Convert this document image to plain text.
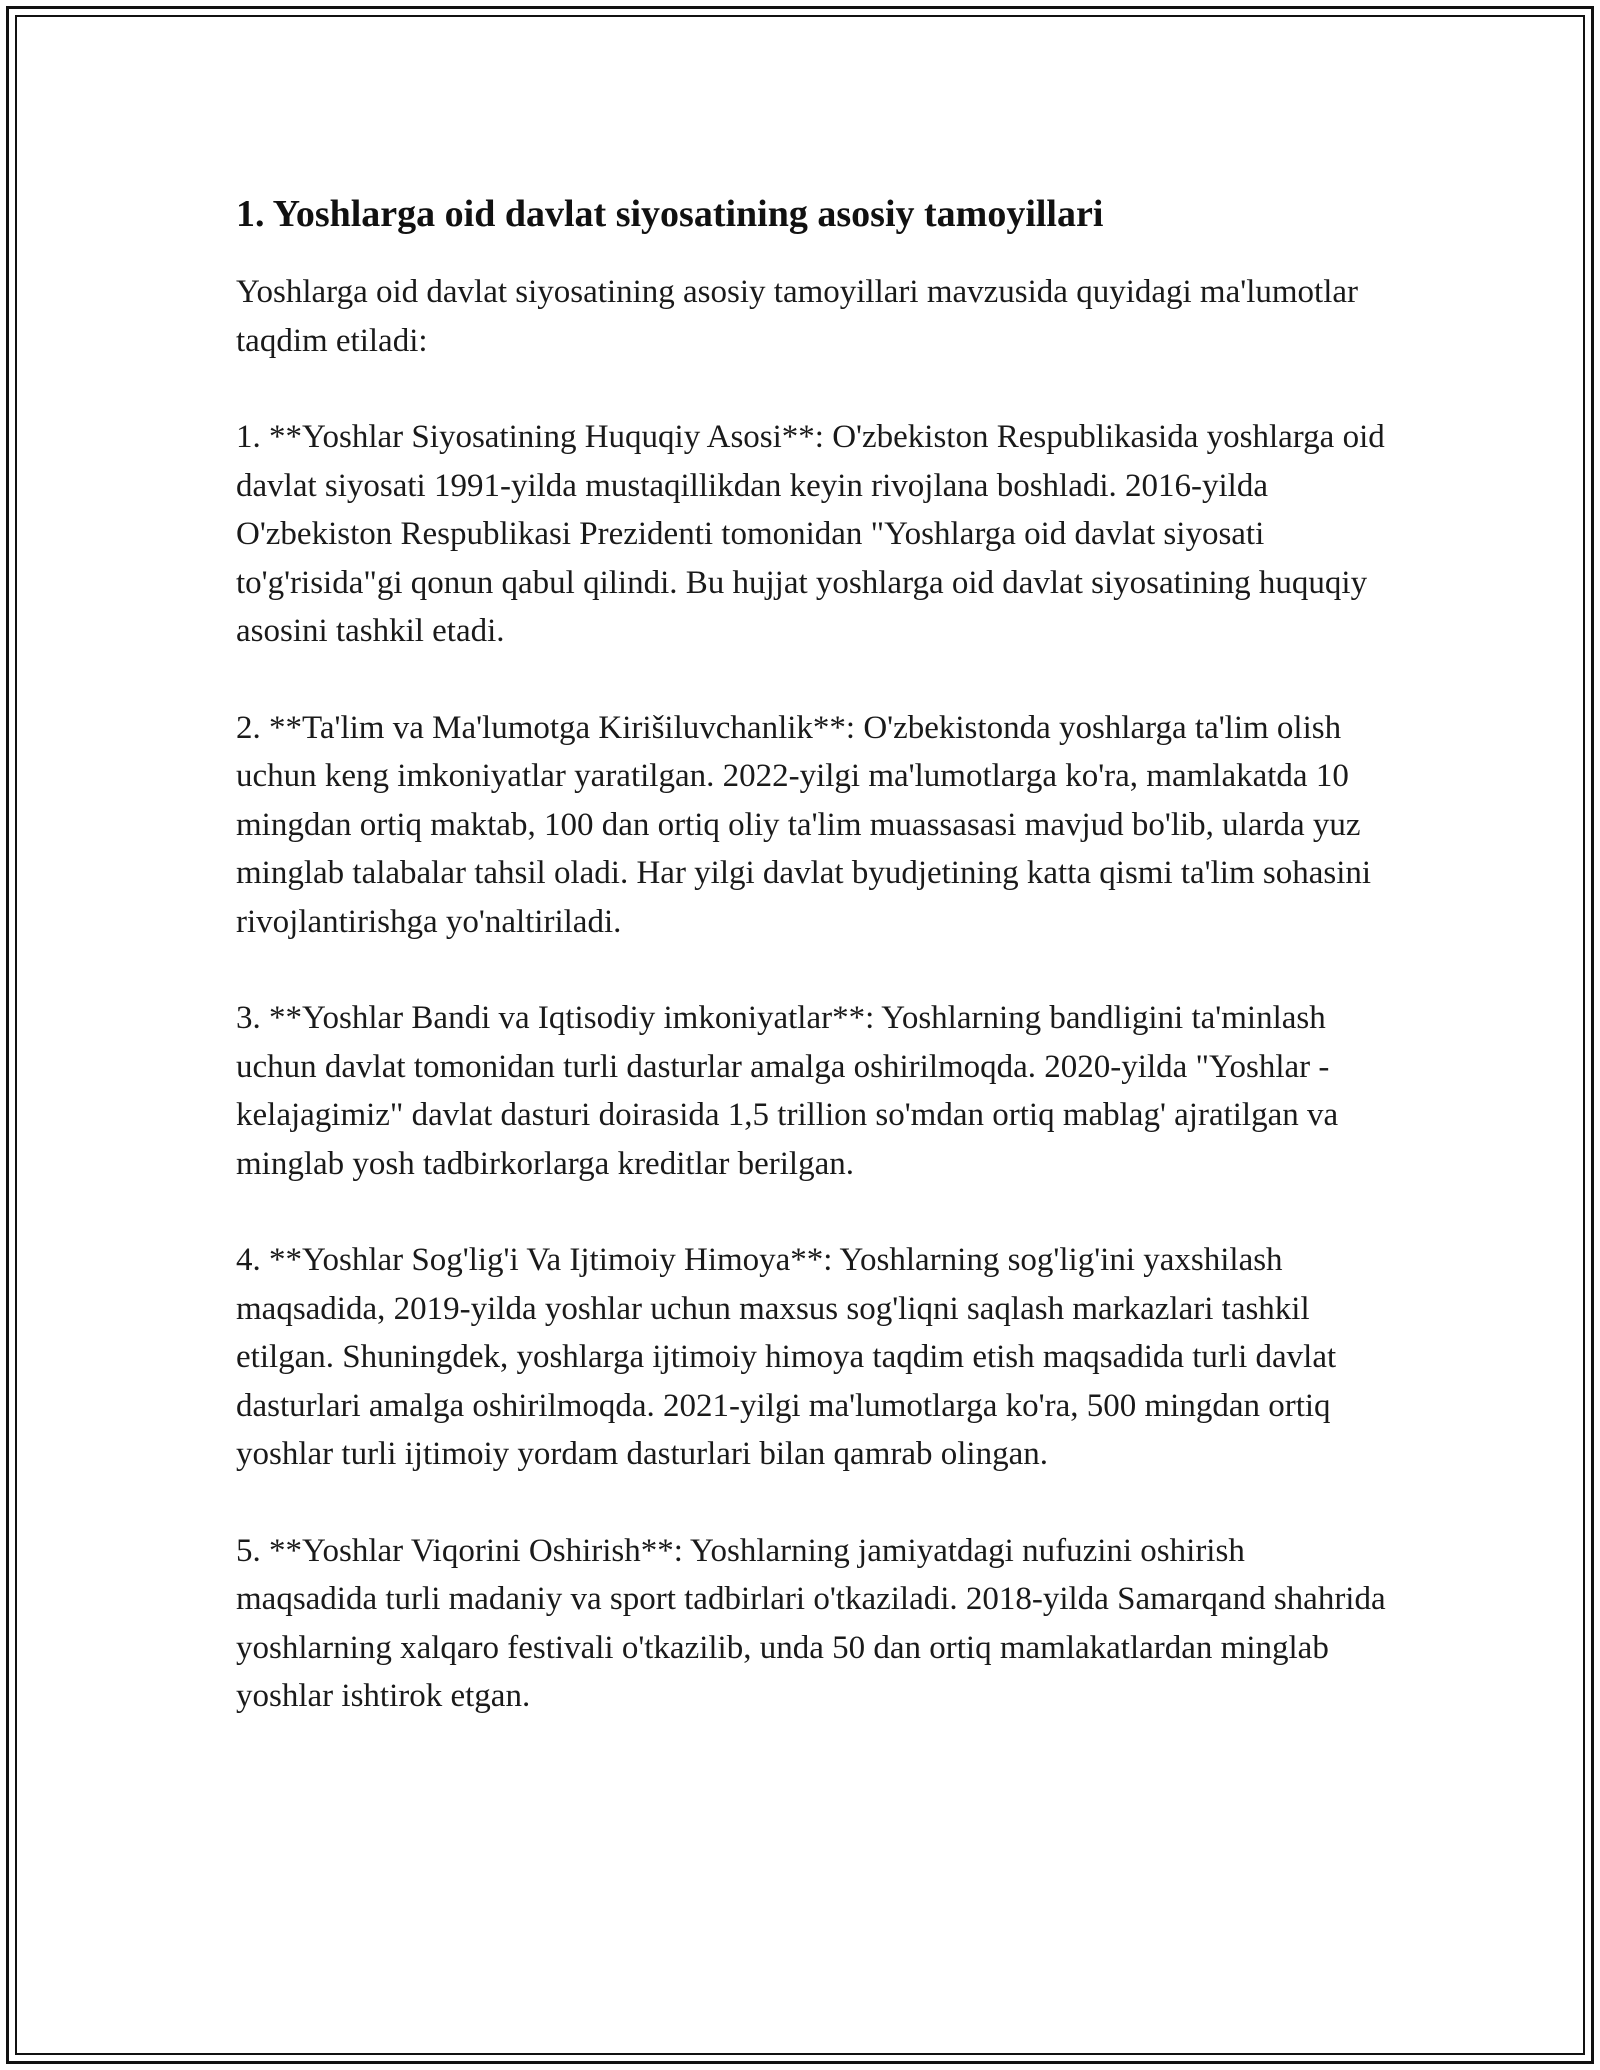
1. Yoshlarga oid davlat siyosatining asosiy tamoyillari

Yoshlarga oid davlat siyosatining asosiy tamoyillari mavzusida quyidagi ma'lumotlar taqdim etiladi:

1. **Yoshlar Siyosatining Huquqiy Asosi**: O'zbekiston Respublikasida yoshlarga oid davlat siyosati 1991-yilda mustaqillikdan keyin rivojlana boshladi. 2016-yilda O'zbekiston Respublikasi Prezidenti tomonidan "Yoshlarga oid davlat siyosati to'g'risida"gi qonun qabul qilindi. Bu hujjat yoshlarga oid davlat siyosatining huquqiy asosini tashkil etadi.

2. **Ta'lim va Ma'lumotga Kirišiluvchanlik**: O'zbekistonda yoshlarga ta'lim olish uchun keng imkoniyatlar yaratilgan. 2022-yilgi ma'lumotlarga ko'ra, mamlakatda 10 mingdan ortiq maktab, 100 dan ortiq oliy ta'lim muassasasi mavjud bo'lib, ularda yuz minglab talabalar tahsil oladi. Har yilgi davlat byudjetining katta qismi ta'lim sohasini rivojlantirishga yo'naltiriladi.

3. **Yoshlar Bandi va Iqtisodiy imkoniyatlar**: Yoshlarning bandligini ta'minlash uchun davlat tomonidan turli dasturlar amalga oshirilmoqda. 2020-yilda "Yoshlar - kelajagimiz" davlat dasturi doirasida 1,5 trillion so'mdan ortiq mablag' ajratilgan va minglab yosh tadbirkorlarga kreditlar berilgan.

4. **Yoshlar Sog'lig'i Va Ijtimoiy Himoya**: Yoshlarning sog'lig'ini yaxshilash maqsadida, 2019-yilda yoshlar uchun maxsus sog'liqni saqlash markazlari tashkil etilgan. Shuningdek, yoshlarga ijtimoiy himoya taqdim etish maqsadida turli davlat dasturlari amalga oshirilmoqda. 2021-yilgi ma'lumotlarga ko'ra, 500 mingdan ortiq yoshlar turli ijtimoiy yordam dasturlari bilan qamrab olingan.

5. **Yoshlar Viqorini Oshirish**: Yoshlarning jamiyatdagi nufuzini oshirish maqsadida turli madaniy va sport tadbirlari o'tkaziladi. 2018-yilda Samarqand shahrida yoshlarning xalqaro festivali o'tkazilib, unda 50 dan ortiq mamlakatlardan minglab yoshlar ishtirok etgan.
